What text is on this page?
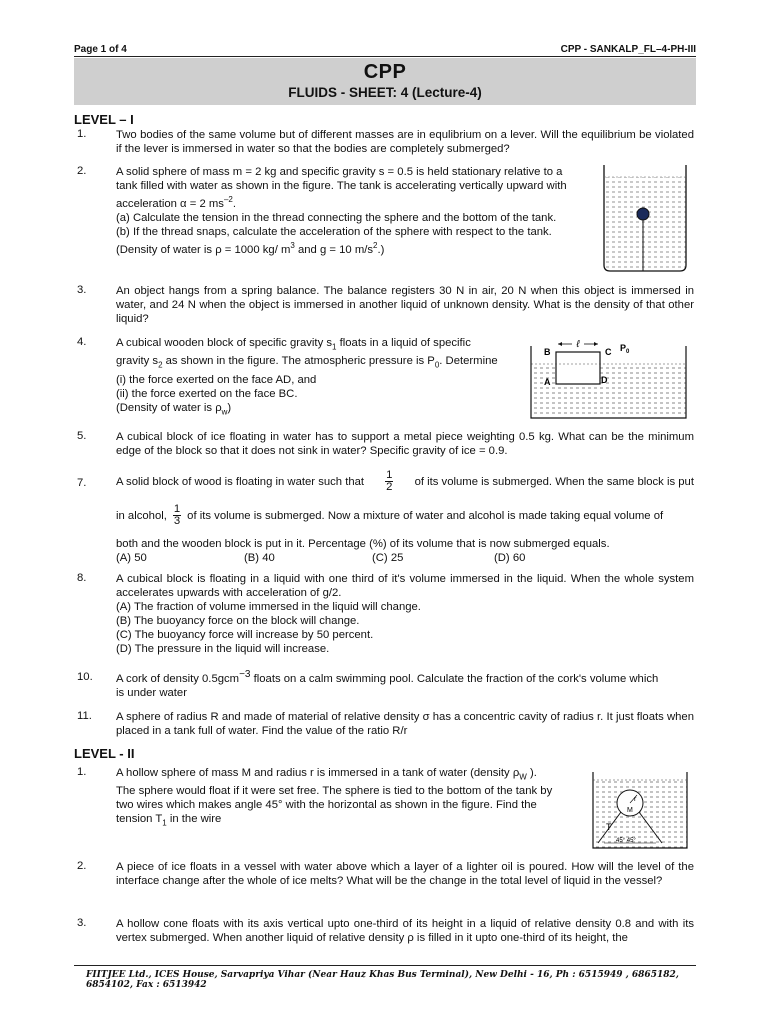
Page 1 of 4	CPP - SANKALP_FL–4-PH-III
CPP
FLUIDS - SHEET: 4 (Lecture-4)
LEVEL – I
1.	Two bodies of the same volume but of different masses are in equlibrium on a lever. Will the equilibrium be violated if the lever is immersed in water so that the bodies are completely submerged?
2.	A solid sphere of mass m = 2 kg and specific gravity s = 0.5 is held stationary relative to a

tank filled with water as shown in the figure. The tank is accelerating vertically upward with

acceleration α = 2 $ms^{-2}$.

(a) Calculate the tension in the thread connecting the sphere and the bottom of the tank.

(b) If the thread snaps, calculate the acceleration of the sphere with respect to the tank.

(Density of water is ρ = 1000 kg/ $m^3$ and g = 10 $m/s^2$.)

3.	An object hangs from a spring balance. The balance registers 30 N in air, 20 N when this object is immersed in water, and 24 N when the object is immersed in another liquid of unknown density. What is the density of that other liquid?
4.	A cubical wooden block of specific gravity $s_1$ floats in a liquid of specific

gravity $s_2$ as shown in the figure. The atmospheric pressure is $P_0$. Determine

(i) the force exerted on the face AD, and

(ii) the force exerted on the face BC.

(Density of water is $\rho_w$)

ℓ
B	C
A	D
$P_0$
5.	A cubical block of ice floating in water has to support a metal piece weighting 0.5 kg. What can be the minimum edge of the block so that it does not sink in water? Specific gravity of ice = 0.9.
7.	A solid block of wood is floating in water such that $\frac{1}{2}$ of its volume is submerged. When the same block is put

in alcohol, $\frac{1}{3}$ of its volume is submerged. Now a mixture of water and alcohol is made taking equal volume of

both and the wooden block is put in it. Percentage (%) of its volume that is now submerged equals.

(A) 50	(B) 40	(C) 25	(D) 60

8.	A cubical block is floating in a liquid with one third of it's volume immersed in the liquid. When the whole system accelerates upwards with acceleration of g/2.

(A) The fraction of volume immersed in the liquid will change.

(B) The buoyancy force on the block will change.

(C) The buoyancy force will increase by 50 percent.

(D) The pressure in the liquid will increase.

10. A cork of density 0.5gcm$^{-3}$ floats on a calm swimming pool. Calculate the fraction of the cork's volume which

is under water

11. A sphere of radius R and made of material of relative density σ has a concentric cavity of radius r. It just floats when placed in a tank full of water. Find the value of the ratio R/r
LEVEL - II
1.	A hollow sphere of mass M and radius r is immersed in a tank of water (density $\rho_W$ ).

The sphere would float if it were set free. The sphere is tied to the bottom of the tank by

two wires which makes angle 45° with the horizontal as shown in the figure. Find the

tension $T_1$ in the wire

r
M
T
45° 45°
2.	A piece of ice floats in a vessel with water above which a layer of a lighter oil is poured. How will the level of the interface change after the whole of ice melts? What will be the change in the total level of liquid in the vessel?
3.	A hollow cone floats with its axis vertical upto one-third of its height in a liquid of relative density 0.8 and with its vertex submerged. When another liquid of relative density ρ is filled in it upto one-third of its height, the
FIITJEE Ltd., ICES House, Sarvapriya Vihar (Near Hauz Khas Bus Terminal), New Delhi - 16, Ph : 6515949 , 6865182, 6854102, Fax : 6513942
